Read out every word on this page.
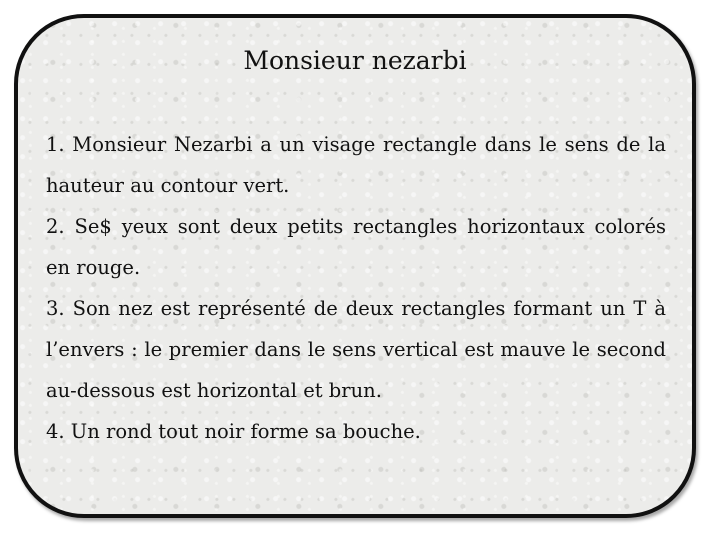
Monsieur nezarbi
1. Monsieur Nezarbi a un visage rectangle dans le sens de la hauteur au contour vert.
2. Se$ yeux sont deux petits rectangles horizontaux colorés en rouge.
3. Son nez est représenté de deux rectangles formant un T à l’envers : le premier dans le sens vertical est mauve le second au-dessous est horizontal et brun.
4. Un rond tout noir forme sa bouche.
